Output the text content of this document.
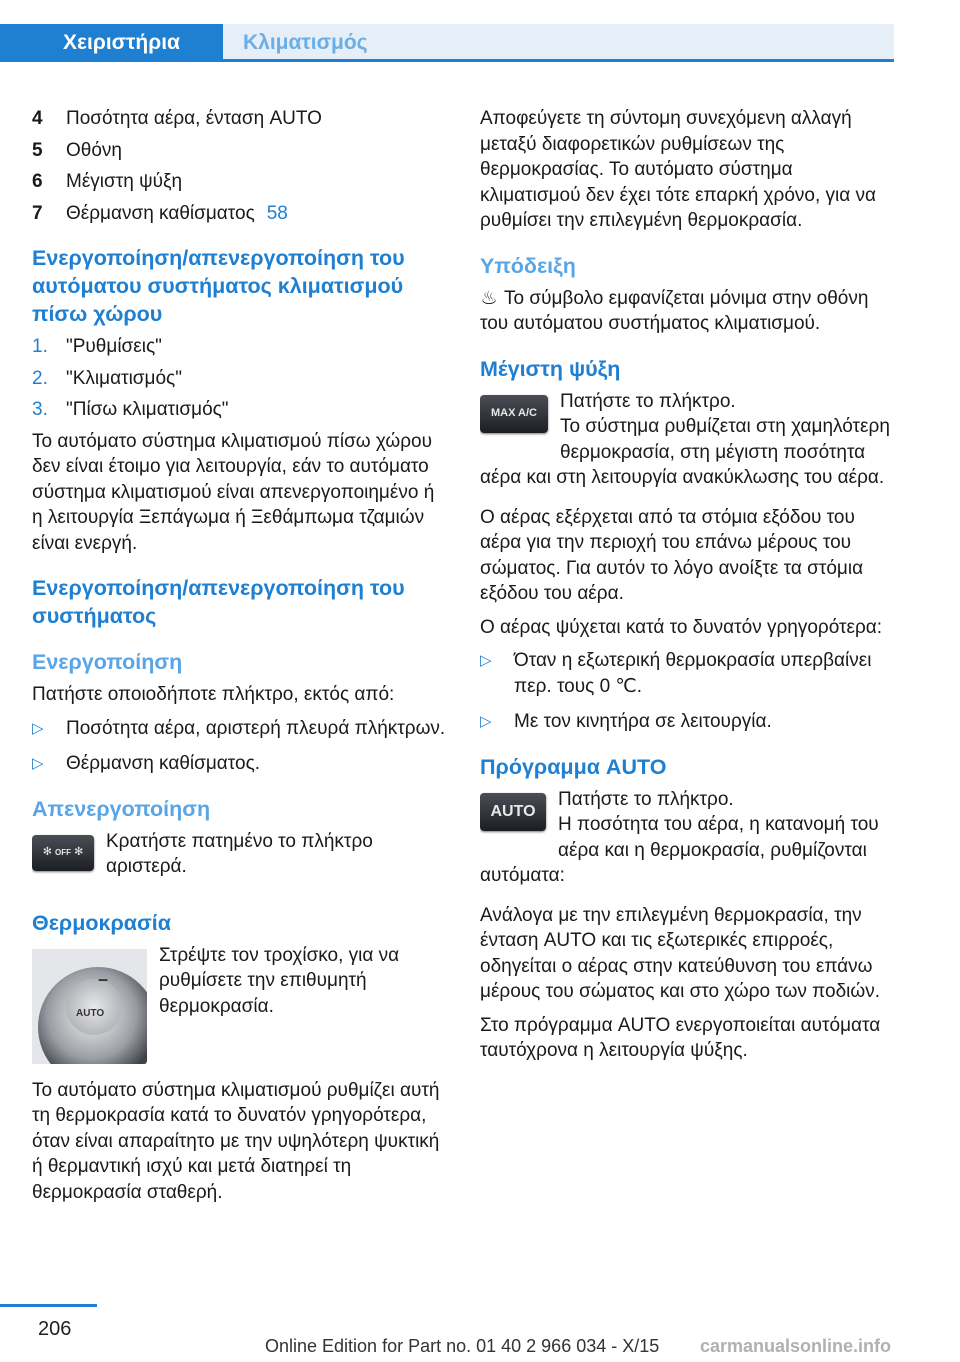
Χειριστήρια	Κλιματισμός
4	Ποσότητα αέρα, ένταση AUTO
5	Οθόνη
6	Μέγιστη ψύξη
7	Θέρμανση καθίσματος 58
Ενεργοποίηση/απενεργοποίηση του αυτόματου συστήματος κλιματισμού πίσω χώρου
1. "Ρυθμίσεις"
2. "Κλιματισμός"
3. "Πίσω κλιματισμός"

Το αυτόματο σύστημα κλιματισμού πίσω χώρου δεν είναι έτοιμο για λειτουργία, εάν το αυτόματο σύστημα κλιματισμού είναι απενεργοποιημένο ή η λειτουργία Ξεπάγωμα ή Ξεθάμπωμα τζαμιών είναι ενεργή.

Ενεργοποίηση/απενεργοποίηση του συστήματος
Ενεργοποίηση

Πατήστε οποιοδήποτε πλήκτρο, εκτός από:

▷	Ποσότητα αέρα, αριστερή πλευρά πλήκτρων.
▷	Θέρμανση καθίσματος.
Απενεργοποίηση
✻
OFF
✻
Κρατήστε πατημένο το πλήκτρο αριστερά.
Θερμοκρασία
–
AUTO
Στρέψτε τον τροχίσκο, για να ρυθμίσετε την επιθυμητή θερμοκρασία.

Το αυτόματο σύστημα κλιματισμού ρυθμίζει αυτή τη θερμοκρασία κατά το δυνατόν γρηγορότερα, όταν είναι απαραίτητο με την υψηλότερη ψυκτική ή θερμαντική ισχύ και μετά διατηρεί τη θερμοκρασία σταθερή.

Αποφεύγετε τη σύντομη συνεχόμενη αλλαγή μεταξύ διαφορετικών ρυθμίσεων της θερμοκρασίας. Το αυτόματο σύστημα κλιματισμού δεν έχει τότε επαρκή χρόνο, για να ρυθμίσει την επιλεγμένη θερμοκρασία.

Υπόδειξη

♨ Το σύμβολο εμφανίζεται μόνιμα στην οθόνη του αυτόματου συστήματος κλιματισμού.

Μέγιστη ψύξη
MAX A/C
Πατήστε το πλήκτρο.
Το σύστημα ρυθμίζεται στη χαμηλότερη θερμοκρασία, στη μέγιστη ποσότητα αέρα και στη λειτουργία ανακύκλωσης του αέρα.

Ο αέρας εξέρχεται από τα στόμια εξόδου του αέρα για την περιοχή του επάνω μέρους του σώματος. Για αυτόν το λόγο ανοίξτε τα στόμια εξόδου του αέρα.

Ο αέρας ψύχεται κατά το δυνατόν γρηγορότερα:

▷	Όταν η εξωτερική θερμοκρασία υπερβαίνει περ. τους 0 ℃.
▷	Με τον κινητήρα σε λειτουργία.
Πρόγραμμα AUTO
AUTO
Πατήστε το πλήκτρο.
Η ποσότητα του αέρα, η κατανομή του αέρα και η θερμοκρασία, ρυθμίζονται αυτόματα:

Ανάλογα με την επιλεγμένη θερμοκρασία, την ένταση AUTO και τις εξωτερικές επιρροές, οδηγείται ο αέρας στην κατεύθυνση του επάνω μέρους του σώματος και στο χώρο των ποδιών.

Στο πρόγραμμα AUTO ενεργοποιείται αυτόματα ταυτόχρονα η λειτουργία ψύξης.

206
Online Edition for Part no. 01 40 2 966 034 - X/15 carmanualsonline.info
